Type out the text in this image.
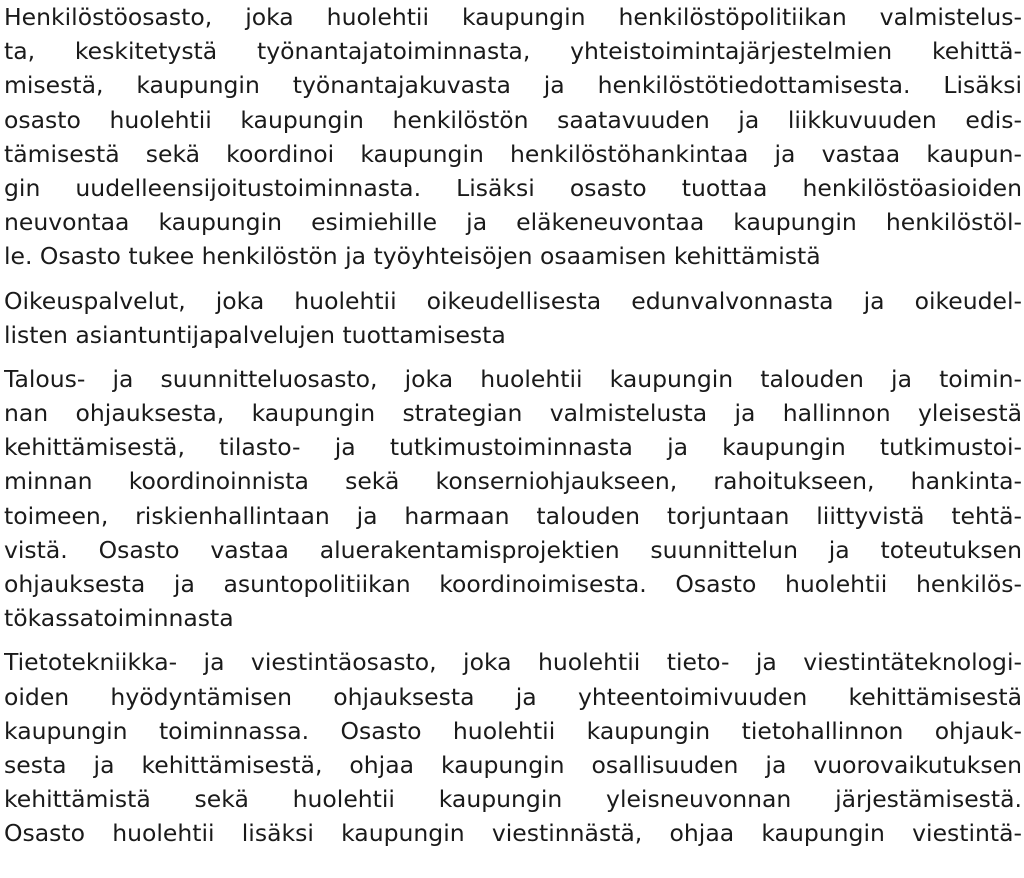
Henkilöstöosasto, joka huolehtii kaupungin henkilöstöpolitiikan valmistelus-
ta, keskitetystä työnantajatoiminnasta, yhteistoimintajärjestelmien kehittä-
misestä, kaupungin työnantajakuvasta ja henkilöstötiedottamisesta. Lisäksi
osasto huolehtii kaupungin henkilöstön saatavuuden ja liikkuvuuden edis-
tämisestä sekä koordinoi kaupungin henkilöstöhankintaa ja vastaa kaupun-
gin uudelleensijoitustoiminnasta. Lisäksi osasto tuottaa henkilöstöasioiden
neuvontaa kaupungin esimiehille ja eläkeneuvontaa kaupungin henkilöstöl-
le. Osasto tukee henkilöstön ja työyhteisöjen osaamisen kehittämistä
Oikeuspalvelut, joka huolehtii oikeudellisesta edunvalvonnasta ja oikeudel-
listen asiantuntijapalvelujen tuottamisesta
Talous- ja suunnitteluosasto, joka huolehtii kaupungin talouden ja toimin-
nan ohjauksesta, kaupungin strategian valmistelusta ja hallinnon yleisestä
kehittämisestä, tilasto- ja tutkimustoiminnasta ja kaupungin tutkimustoi-
minnan koordinoinnista sekä konserniohjaukseen, rahoitukseen, hankinta-
toimeen, riskienhallintaan ja harmaan talouden torjuntaan liittyvistä tehtä-
vistä. Osasto vastaa aluerakentamisprojektien suunnittelun ja toteutuksen
ohjauksesta ja asuntopolitiikan koordinoimisesta. Osasto huolehtii henkilös-
tökassatoiminnasta
Tietotekniikka- ja viestintäosasto, joka huolehtii tieto- ja viestintäteknologi-
oiden hyödyntämisen ohjauksesta ja yhteentoimivuuden kehittämisestä
kaupungin toiminnassa. Osasto huolehtii kaupungin tietohallinnon ohjauk-
sesta ja kehittämisestä, ohjaa kaupungin osallisuuden ja vuorovaikutuksen
kehittämistä sekä huolehtii kaupungin yleisneuvonnan järjestämisestä.
Osasto huolehtii lisäksi kaupungin viestinnästä, ohjaa kaupungin viestintä-
